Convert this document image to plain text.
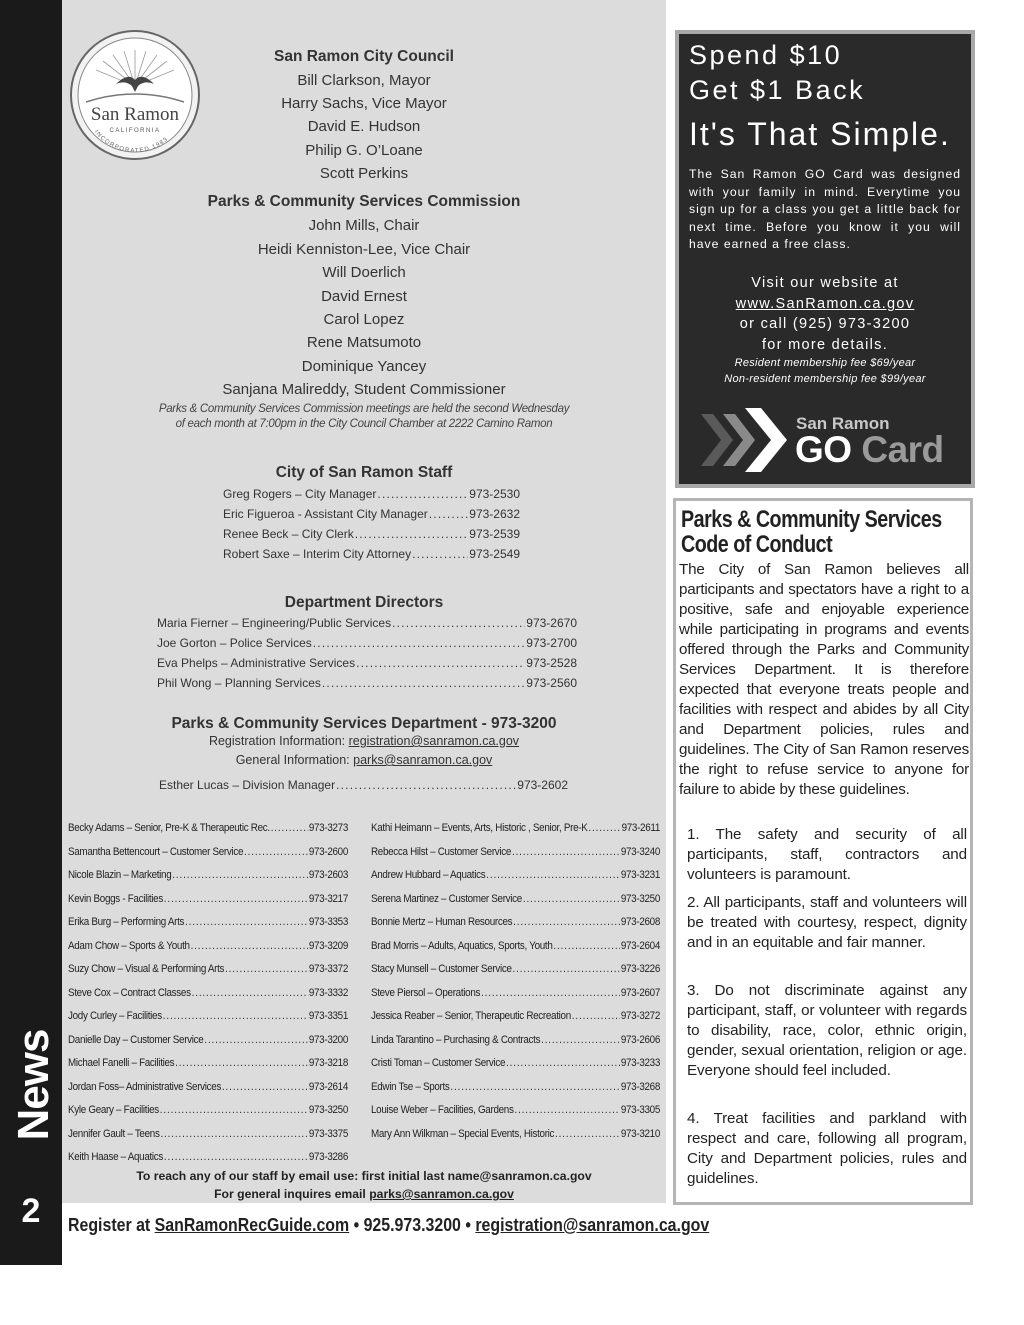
News
2
San Ramon
CALIFORNIA
INCORPORATED 1983
San Ramon City Council
Bill Clarkson, Mayor
Harry Sachs, Vice Mayor
David E. Hudson
Philip G. O’Loane
Scott Perkins
Parks & Community Services Commission
John Mills, Chair
Heidi Kenniston-Lee, Vice Chair
Will Doerlich
David Ernest
Carol Lopez
Rene Matsumoto
Dominique Yancey
Sanjana Malireddy, Student Commissioner
Parks & Community Services Commission meetings are held the second Wednesday
of each month at 7:00pm in the City Council Chamber at 2222 Camino Ramon
City of San Ramon Staff
Greg Rogers – City Manager .....	973-2530
Eric Figueroa - Assistant City Manager .....	973-2632
Renee Beck – City Clerk .....	973-2539
Robert Saxe – Interim City Attorney .....	973-2549
Department Directors
Maria Fierner – Engineering/Public Services .....	973-2670
Joe Gorton – Police Services .....	973-2700
Eva Phelps – Administrative Services .....	973-2528
Phil Wong – Planning Services .....	973-2560
Parks & Community Services Department - 973-3200
Registration Information: registration@sanramon.ca.gov
General Information: parks@sanramon.ca.gov
Esther Lucas – Division Manager .....	973-2602
Becky Adams – Senior, Pre-K & Therapeutic Rec. .....	973-3273
Samantha Bettencourt – Customer Service .....	973-2600
Nicole Blazin – Marketing .....	973-2603
Kevin Boggs - Facilities .....	973-3217
Erika Burg – Performing Arts .....	973-3353
Adam Chow – Sports & Youth .....	973-3209
Suzy Chow – Visual & Performing Arts .....	973-3372
Steve Cox – Contract Classes .....	973-3332
Jody Curley – Facilities .....	973-3351
Danielle Day – Customer Service .....	973-3200
Michael Fanelli – Facilities .....	973-3218
Jordan Foss– Administrative Services .....	973-2614
Kyle Geary – Facilities .....	973-3250
Jennifer Gault – Teens .....	973-3375
Keith Haase – Aquatics .....	973-3286
Kathi Heimann – Events, Arts, Historic , Senior, Pre-K .....	973-2611
Rebecca Hilst – Customer Service .....	973-3240
Andrew Hubbard – Aquatics .....	973-3231
Serena Martinez – Customer Service .....	973-3250
Bonnie Mertz – Human Resources .....	973-2608
Brad Morris – Adults, Aquatics, Sports, Youth .....	973-2604
Stacy Munsell – Customer Service .....	973-3226
Steve Piersol – Operations .....	973-2607
Jessica Reaber – Senior, Therapeutic Recreation .....	973-3272
Linda Tarantino – Purchasing & Contracts .....	973-2606
Cristi Toman – Customer Service .....	973-3233
Edwin Tse – Sports .....	973-3268
Louise Weber – Facilities, Gardens .....	973-3305
Mary Ann Wilkman – Special Events, Historic .....	973-3210
To reach any of our staff by email use: first initial last name@sanramon.ca.gov
For general inquires email parks@sanramon.ca.gov
Spend $10
Get $1 Back
It's That Simple.
The San Ramon GO Card was designed with your family in mind. Everytime you sign up for a class you get a little back for next time. Before you know it you will have earned a free class.
Visit our website at
www.SanRamon.ca.gov
or call (925) 973-3200
for more details.
Resident membership fee $69/year
Non-resident membership fee $99/year
San Ramon
GO Card
Parks & Community Services
Code of Conduct
The City of San Ramon believes all participants and spectators have a right to a positive, safe and enjoyable experience while participating in programs and events offered through the Parks and Community Services Department. It is therefore expected that everyone treats people and facilities with respect and abides by all City and Department policies, rules and guidelines. The City of San Ramon reserves the right to refuse service to anyone for failure to abide by these guidelines.
1. The safety and security of all participants, staff, contractors and volunteers is paramount.
2. All participants, staff and volunteers will be treated with courtesy, respect, dignity and in an equitable and fair manner.
3. Do not discriminate against any participant, staff, or volunteer with regards to disability, race, color, ethnic origin, gender, sexual orientation, religion or age. Everyone should feel included.
4. Treat facilities and parkland with respect and care, following all program, City and Department policies, rules and guidelines.
Register at SanRamonRecGuide.com • 925.973.3200 • registration@sanramon.ca.gov
